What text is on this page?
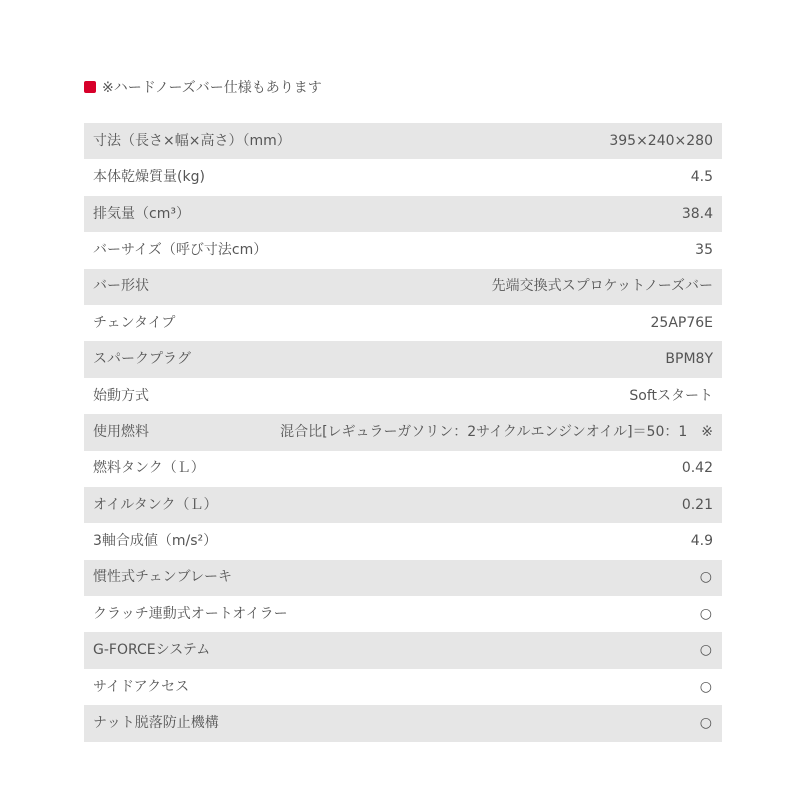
※ハードノーズバー仕様もあります
寸法（長さ×幅×高さ）（mm）	395×240×280
本体乾燥質量(kg)	4.5
排気量（cm³）	38.4
バーサイズ（呼び寸法cm）	35
バー形状	先端交換式スプロケットノーズバー
チェンタイプ	25AP76E
スパークプラグ	BPM8Y
始動方式	Softスタート
使用燃料	混合比[レギュラーガソリン：2サイクルエンジンオイル]＝50：1　※
燃料タンク（Ｌ）	0.42
オイルタンク（Ｌ）	0.21
3軸合成値（m/s²）	4.9
慣性式チェンブレーキ	○
クラッチ連動式オートオイラー	○
G-FORCEシステム	○
サイドアクセス	○
ナット脱落防止機構	○
